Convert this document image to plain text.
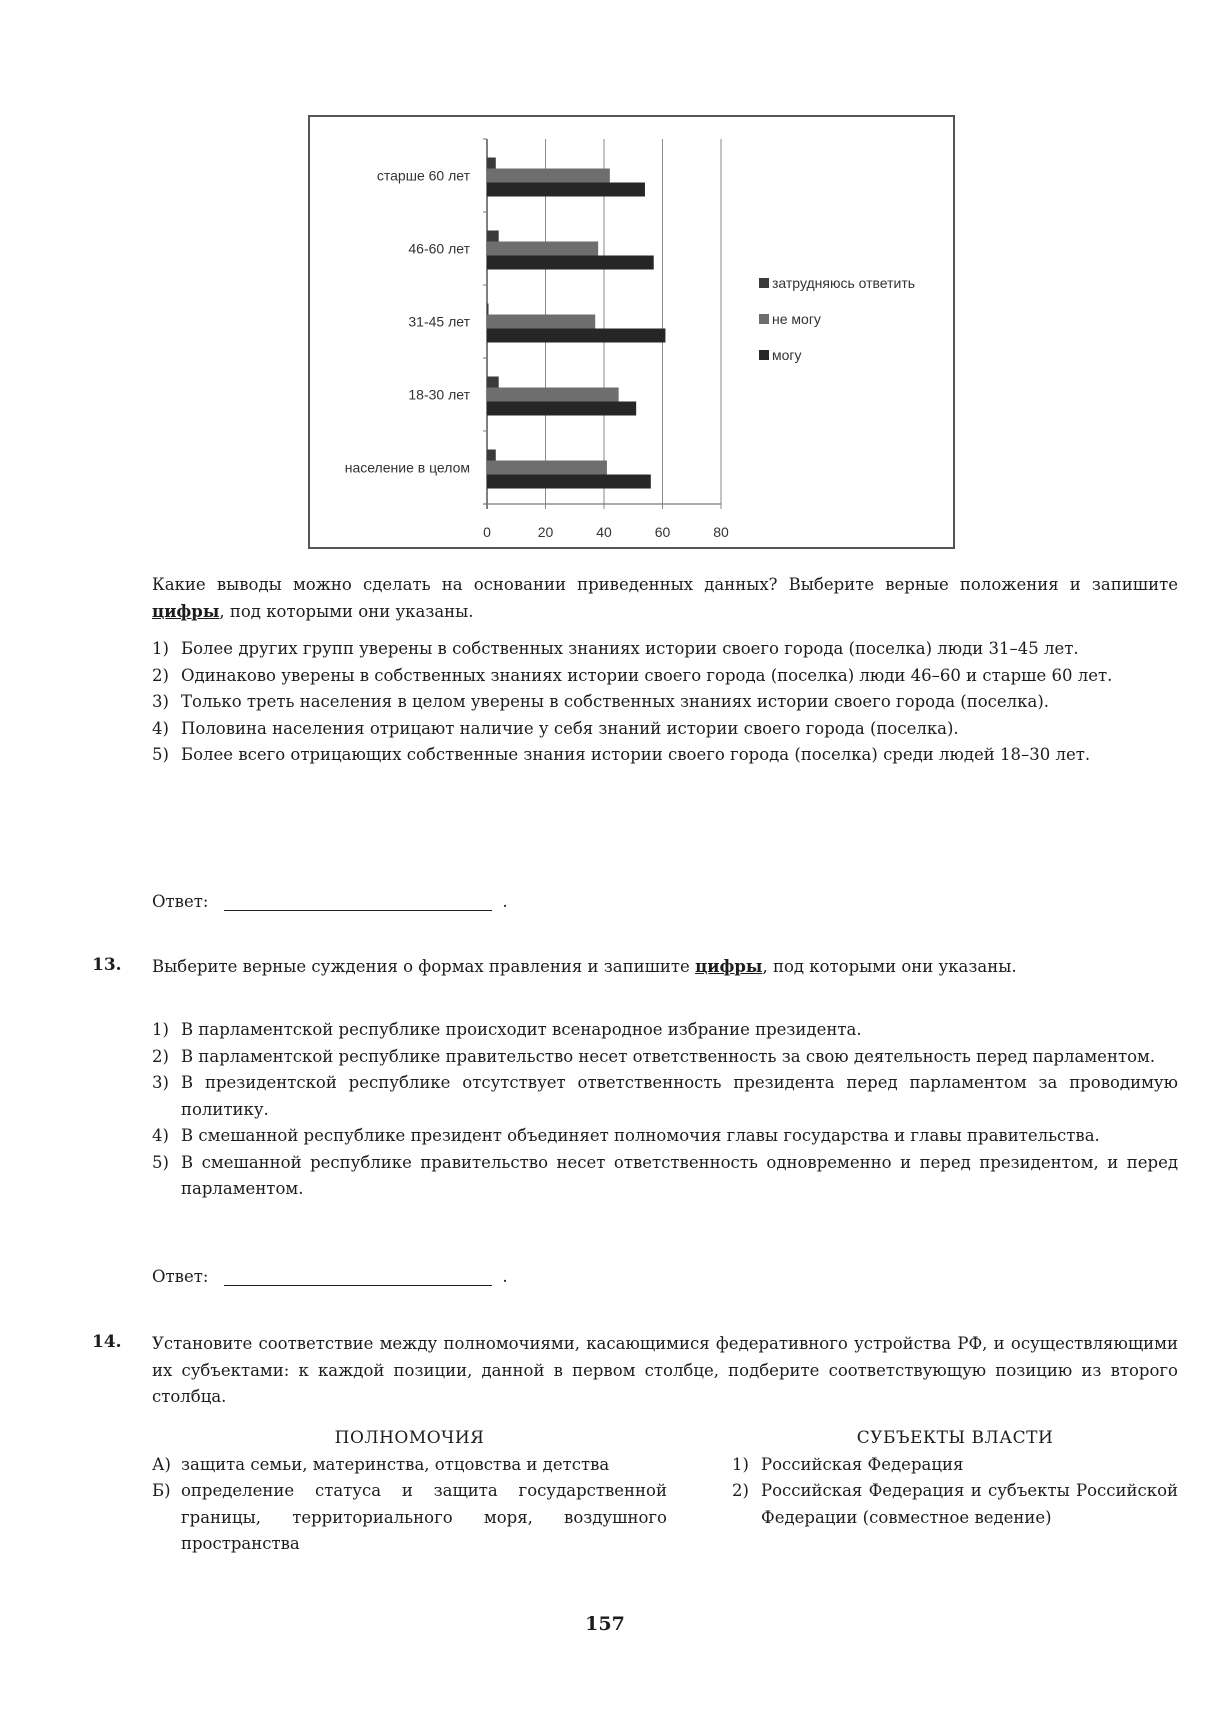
0	20	40	60	80
старше 60 лет
46-60 лет
31-45 лет
18-30 лет
население в целом
затрудняюсь ответить
не могу
могу
Какие выводы можно сделать на основании приведенных данных? Выберите верные положения и запишите цифры, под которыми они указаны.
1) Более других групп уверены в собственных знаниях истории своего города (поселка) люди 31–45 лет.
2) Одинаково уверены в собственных знаниях истории своего города (поселка) люди 46–60 и старше 60 лет.
3) Только треть населения в целом уверены в собственных знаниях истории своего города (поселка).
4) Половина населения отрицают наличие у себя знаний истории своего города (поселка).
5) Более всего отрицающих собственные знания истории своего города (поселка) среди людей 18–30 лет.
Ответ:	.
13. Выберите верные суждения о формах правления и запишите цифры, под которыми они указаны.
1) В парламентской республике происходит всенародное избрание президента.
2) В парламентской республике правительство несет ответственность за свою деятельность перед парламентом.
3) В президентской республике отсутствует ответственность президента перед парламентом за проводимую политику.
4) В смешанной республике президент объединяет полномочия главы государства и главы правительства.
5) В смешанной республике правительство несет ответственность одновременно и перед президентом, и перед парламентом.
Ответ:	.
14. Установите соответствие между полномочиями, касающимися федеративного устройства РФ, и осуществляющими их субъектами: к каждой позиции, данной в первом столбце, подберите соответствующую позицию из второго столбца.
ПОЛНОМОЧИЯ
А) защита семьи, материнства, отцовства и детства
Б) определение статуса и защита государственной границы, территориального моря, воздушного пространства
СУБЪЕКТЫ ВЛАСТИ
1) Российская Федерация
2) Российская Федерация и субъекты Российской Федерации (совместное ведение)
157
